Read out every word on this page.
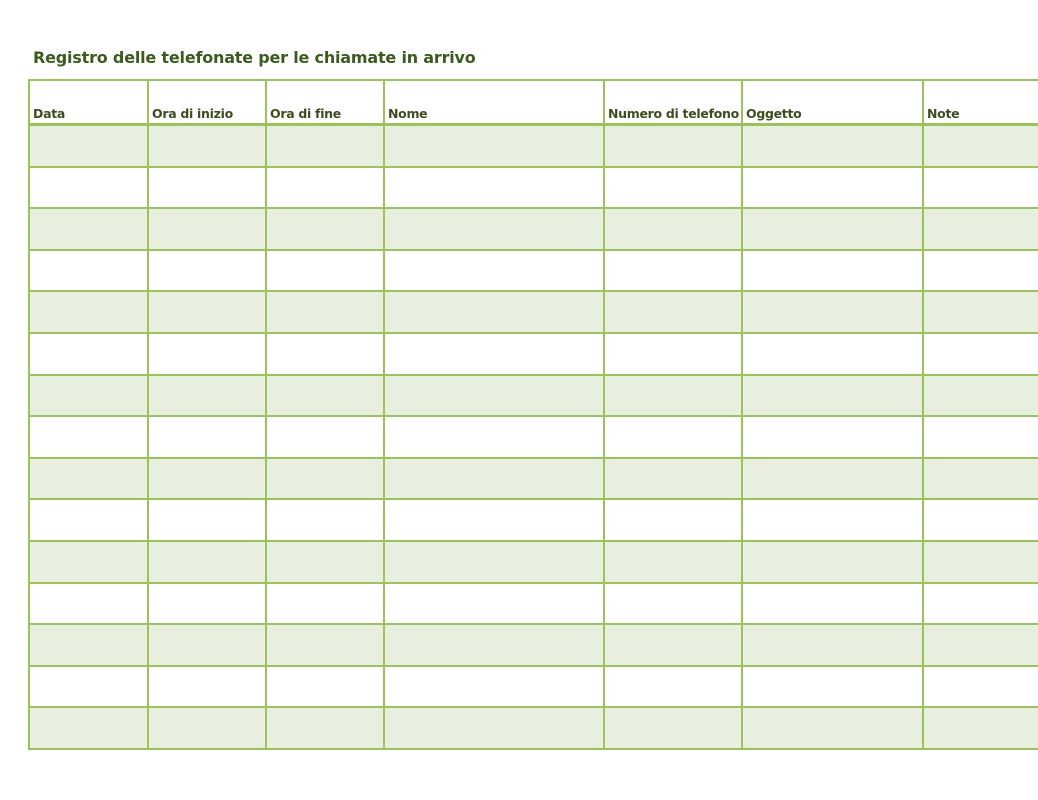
Registro delle telefonate per le chiamate in arrivo
Data	Ora di inizio	Ora di fine	Nome	Numero di telefono	Oggetto	Note
